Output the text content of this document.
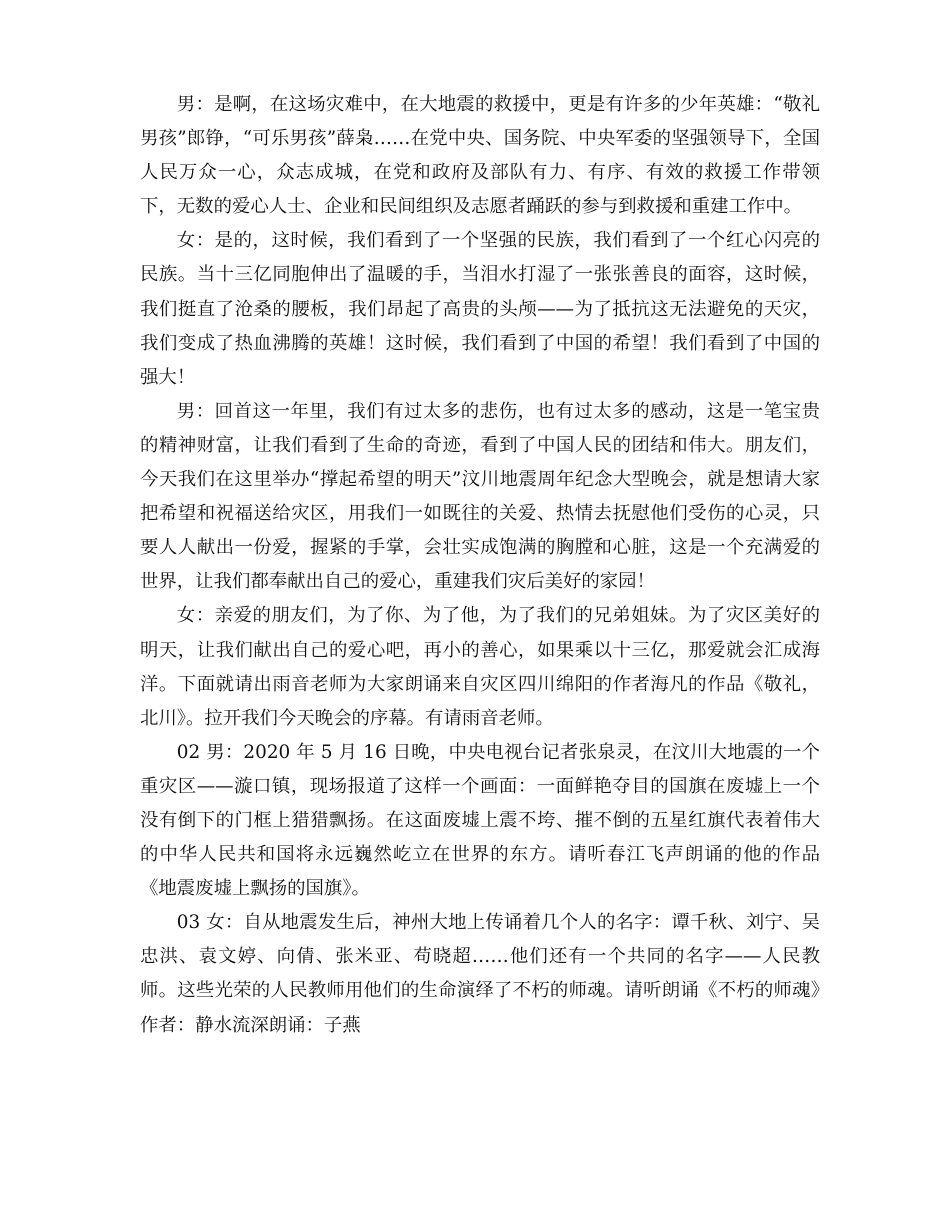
男：是啊，在这场灾难中，在大地震的救援中，更是有许多的少年英雄：“敬礼男孩”郎铮，“可乐男孩”薛枭……在党中央、国务院、中央军委的坚强领导下，全国人民万众一心，众志成城，在党和政府及部队有力、有序、有效的救援工作带领下，无数的爱心人士、企业和民间组织及志愿者踊跃的参与到救援和重建工作中。

女：是的，这时候，我们看到了一个坚强的民族，我们看到了一个红心闪亮的民族。当十三亿同胞伸出了温暖的手，当泪水打湿了一张张善良的面容，这时候，我们挺直了沧桑的腰板，我们昂起了高贵的头颅——为了抵抗这无法避免的天灾，我们变成了热血沸腾的英雄！这时候，我们看到了中国的希望！我们看到了中国的强大！

男：回首这一年里，我们有过太多的悲伤，也有过太多的感动，这是一笔宝贵的精神财富，让我们看到了生命的奇迹，看到了中国人民的团结和伟大。朋友们，今天我们在这里举办“撑起希望的明天”汶川地震周年纪念大型晚会，就是想请大家把希望和祝福送给灾区，用我们一如既往的关爱、热情去抚慰他们受伤的心灵，只要人人献出一份爱，握紧的手掌，会壮实成饱满的胸膛和心脏，这是一个充满爱的世界，让我们都奉献出自己的爱心，重建我们灾后美好的家园！

女：亲爱的朋友们，为了你、为了他，为了我们的兄弟姐妹。为了灾区美好的明天，让我们献出自己的爱心吧，再小的善心，如果乘以十三亿，那爱就会汇成海洋。下面就请出雨音老师为大家朗诵来自灾区四川绵阳的作者海凡的作品《敬礼，北川》。拉开我们今天晚会的序幕。有请雨音老师。

02 男：2020 年 5 月 16 日晚，中央电视台记者张泉灵，在汶川大地震的一个重灾区——漩口镇，现场报道了这样一个画面：一面鲜艳夺目的国旗在废墟上一个没有倒下的门框上猎猎飘扬。在这面废墟上震不垮、摧不倒的五星红旗代表着伟大的中华人民共和国将永远巍然屹立在世界的东方。请听春江飞声朗诵的他的作品《地震废墟上飘扬的国旗》。

03 女：自从地震发生后，神州大地上传诵着几个人的名字：谭千秋、刘宁、吴忠洪、袁文婷、向倩、张米亚、苟晓超……他们还有一个共同的名字——人民教师。这些光荣的人民教师用他们的生命演绎了不朽的师魂。请听朗诵《不朽的师魂》作者：静水流深朗诵：子燕
